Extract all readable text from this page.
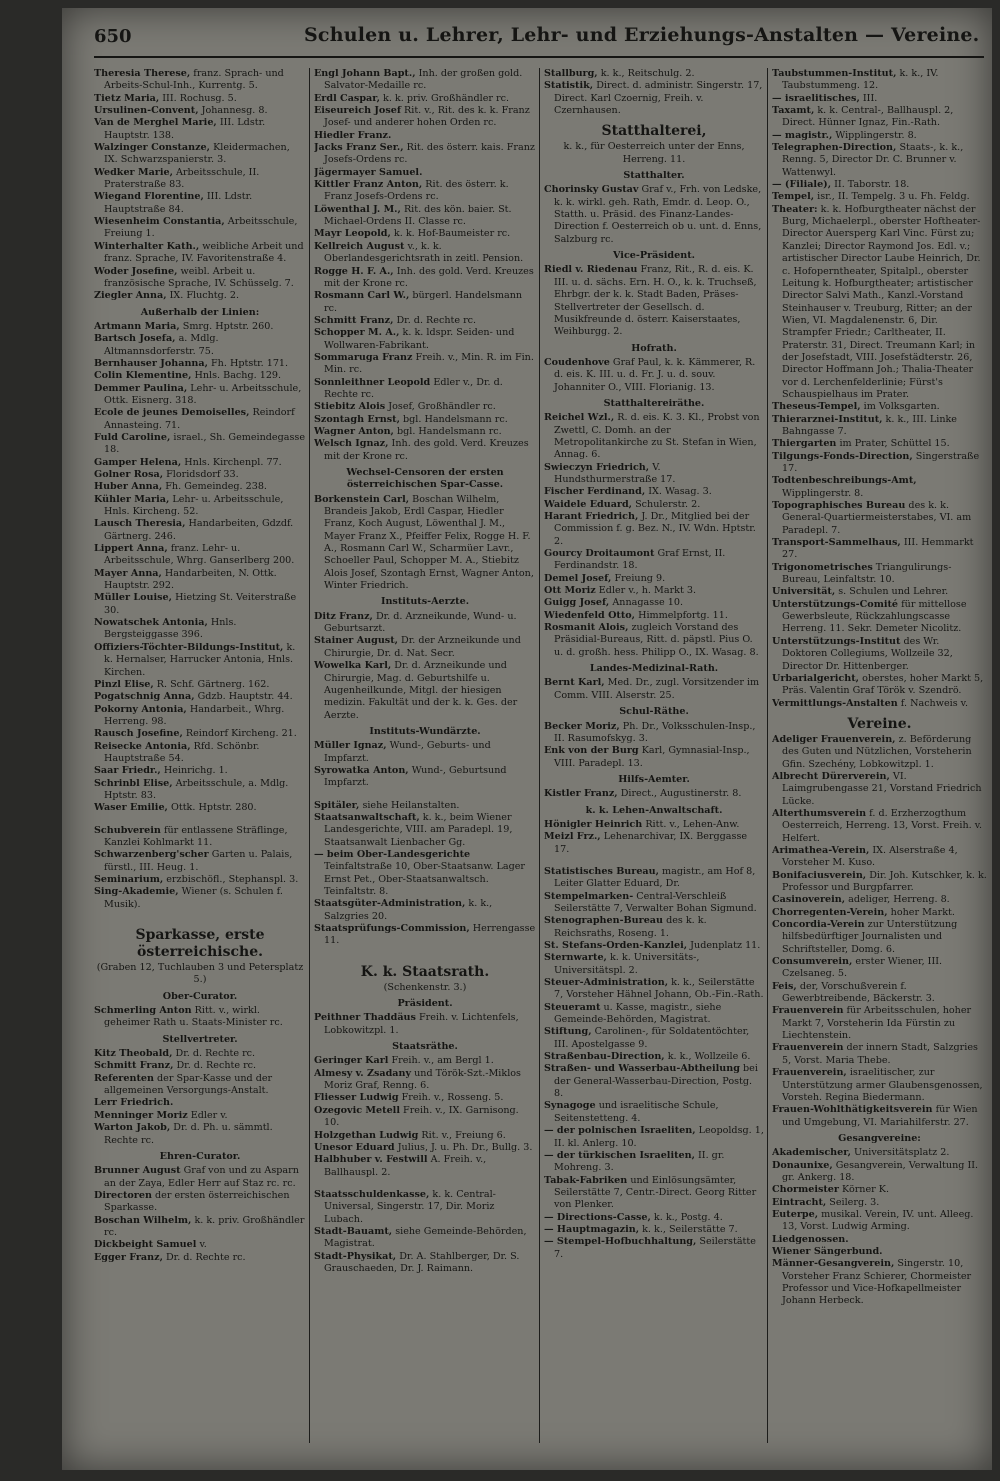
650	Schulen u. Lehrer, Lehr- und Erziehungs-Anstalten — Vereine.

Theresia Therese, franz. Sprach- und Arbeits-Schul-Inh., Kurrentg. 5.

Tietz Maria, III. Rochusg. 5.

Ursulinen-Convent, Johannesg. 8.

Van de Merghel Marie, III. Ldstr. Hauptstr. 138.

Walzinger Constanze, Kleidermachen, IX. Schwarzspanierstr. 3.

Wedker Marie, Arbeitsschule, II. Praterstraße 83.

Wiegand Florentine, III. Ldstr. Hauptstraße 84.

Wiesenheim Constantia, Arbeitsschule, Freiung 1.

Winterhalter Kath., weibliche Arbeit und franz. Sprache, IV. Favoritenstraße 4.

Woder Josefine, weibl. Arbeit u. französische Sprache, IV. Schüsselg. 7.

Ziegler Anna, IX. Fluchtg. 2.

Außerhalb der Linien:

Artmann Maria, Smrg. Hptstr. 260.

Bartsch Josefa, a. Mdlg. Altmannsdorferstr. 75.

Bernhauser Johanna, Fh. Hptstr. 171.

Colin Klementine, Hnls. Bachg. 129.

Demmer Paulina, Lehr- u. Arbeitsschule, Ottk. Eisnerg. 318.

Ecole de jeunes Demoiselles, Reindorf Annasteing. 71.

Fuld Caroline, israel., Sh. Gemeindegasse 18.

Gamper Helena, Hnls. Kirchenpl. 77.

Golner Rosa, Floridsdorf 33.

Huber Anna, Fh. Gemeindeg. 238.

Kühler Maria, Lehr- u. Arbeitsschule, Hnls. Kircheng. 52.

Lausch Theresia, Handarbeiten, Gdzdf. Gärtnerg. 246.

Lippert Anna, franz. Lehr- u. Arbeitsschule, Whrg. Ganserlberg 200.

Mayer Anna, Handarbeiten, N. Ottk. Hauptstr. 292.

Müller Louise, Hietzing St. Veiterstraße 30.

Nowatschek Antonia, Hnls. Bergsteiggasse 396.

Offiziers-Töchter-Bildungs-Institut, k. k. Hernalser, Harrucker Antonia, Hnls. Kirchen.

Pinzl Elise, R. Schf. Gärtnerg. 162.

Pogatschnig Anna, Gdzb. Hauptstr. 44.

Pokorny Antonia, Handarbeit., Whrg. Herreng. 98.

Rausch Josefine, Reindorf Kircheng. 21.

Reisecke Antonia, Rfd. Schönbr. Hauptstraße 54.

Saar Friedr., Heinrichg. 1.

Schrinbl Elise, Arbeitsschule, a. Mdlg. Hptstr. 83.

Waser Emilie, Ottk. Hptstr. 280.

Schubverein für entlassene Sträflinge, Kanzlei Kohlmarkt 11.

Schwarzenberg'scher Garten u. Palais, fürstl., III. Heug. 1.

Seminarium, erzbischöfl., Stephanspl. 3.

Sing-Akademie, Wiener (s. Schulen f. Musik).

Sparkasse, erste österreichische.
(Graben 12, Tuchlauben 3 und Petersplatz 5.)
Ober-Curator.

Schmerling Anton Ritt. v., wirkl. geheimer Rath u. Staats-Minister rc.

Stellvertreter.

Kitz Theobald, Dr. d. Rechte rc.

Schmitt Franz, Dr. d. Rechte rc.

Referenten der Spar-Kasse und der allgemeinen Versorgungs-Anstalt.

Lerr Friedrich.

Menninger Moriz Edler v.

Warton Jakob, Dr. d. Ph. u. sämmtl. Rechte rc.

Ehren-Curator.

Brunner August Graf von und zu Asparn an der Zaya, Edler Herr auf Staz rc. rc.

Directoren der ersten österreichischen Sparkasse.

Boschan Wilhelm, k. k. priv. Großhändler rc.

Dickbeight Samuel v.

Egger Franz, Dr. d. Rechte rc.

Engl Johann Bapt., Inh. der großen gold. Salvator-Medaille rc.

Erdl Caspar, k. k. priv. Großhändler rc.

Eiseureich Josef Rit. v., Rit. des k. k. Franz Josef- und anderer hohen Orden rc.

Hiedler Franz.

Jacks Franz Ser., Rit. des österr. kais. Franz Josefs-Ordens rc.

Jägermayer Samuel.

Kittler Franz Anton, Rit. des österr. k. Franz Josefs-Ordens rc.

Löwenthal J. M., Rit. des kön. baier. St. Michael-Ordens II. Classe rc.

Mayr Leopold, k. k. Hof-Baumeister rc.

Kellreich August v., k. k. Oberlandesgerichtsrath in zeitl. Pension.

Rogge H. F. A., Inh. des gold. Verd. Kreuzes mit der Krone rc.

Rosmann Carl W., bürgerl. Handelsmann rc.

Schmitt Franz, Dr. d. Rechte rc.

Schopper M. A., k. k. ldspr. Seiden- und Wollwaren-Fabrikant.

Sommaruga Franz Freih. v., Min. R. im Fin. Min. rc.

Sonnleithner Leopold Edler v., Dr. d. Rechte rc.

Stiebitz Alois Josef, Großhändler rc.

Szontagh Ernst, bgl. Handelsmann rc.

Wagner Anton, bgl. Handelsmann rc.

Welsch Ignaz, Inh. des gold. Verd. Kreuzes mit der Krone rc.

Wechsel-Censoren der ersten österreichischen Spar-Casse.

Borkenstein Carl, Boschan Wilhelm, Brandeis Jakob, Erdl Caspar, Hiedler Franz, Koch August, Löwenthal J. M., Mayer Franz X., Pfeiffer Felix, Rogge H. F. A., Rosmann Carl W., Scharmüer Lavr., Schoeller Paul, Schopper M. A., Stiebitz Alois Josef, Szontagh Ernst, Wagner Anton, Winter Friedrich.

Instituts-Aerzte.

Ditz Franz, Dr. d. Arzneikunde, Wund- u. Geburtsarzt.

Stainer August, Dr. der Arzneikunde und Chirurgie, Dr. d. Nat. Secr.

Wowelka Karl, Dr. d. Arzneikunde und Chirurgie, Mag. d. Geburtshilfe u. Augenheilkunde, Mitgl. der hiesigen medizin. Fakultät und der k. k. Ges. der Aerzte.

Instituts-Wundärzte.

Müller Ignaz, Wund-, Geburts- und Impfarzt.

Syrowatka Anton, Wund-, Geburtsund Impfarzt.

Spitäler, siehe Heilanstalten.

Staatsanwaltschaft, k. k., beim Wiener Landesgerichte, VIII. am Paradepl. 19, Staatsanwalt Lienbacher Gg.

— beim Ober-Landesgerichte Teinfaltstraße 10, Ober-Staatsanw. Lager Ernst Pet., Ober-Staatsanwaltsch. Teinfaltstr. 8.

Staatsgüter-Administration, k. k., Salzgries 20.

Staatsprüfungs-Commission, Herrengasse 11.

K. k. Staatsrath.
(Schenkenstr. 3.)
Präsident.

Peithner Thaddäus Freih. v. Lichtenfels, Lobkowitzpl. 1.

Staatsräthe.

Geringer Karl Freih. v., am Bergl 1.

Almesy v. Zsadany und Török-Szt.-Miklos Moriz Graf, Renng. 6.

Fliesser Ludwig Freih. v., Rosseng. 5.

Ozegovic Metell Freih. v., IX. Garnisong. 10.

Holzgethan Ludwig Rit. v., Freiung 6.

Unesor Eduard Julius, J. u. Ph. Dr., Bullg. 3.

Halbhuber v. Festwill A. Freih. v., Ballhauspl. 2.

Staatsschuldenkasse, k. k. Central-Universal, Singerstr. 17, Dir. Moriz Lubach.

Stadt-Bauamt, siehe Gemeinde-Behörden, Magistrat.

Stadt-Physikat, Dr. A. Stahlberger, Dr. S. Grauschaeden, Dr. J. Raimann.

Stallburg, k. k., Reitschulg. 2.

Statistik, Direct. d. administr. Singerstr. 17, Direct. Karl Czoernig, Freih. v. Czernhausen.

Statthalterei,
k. k., für Oesterreich unter der Enns, Herreng. 11.
Statthalter.

Chorinsky Gustav Graf v., Frh. von Ledske, k. k. wirkl. geh. Rath, Emdr. d. Leop. O., Statth. u. Präsid. des Finanz-Landes-Direction f. Oesterreich ob u. unt. d. Enns, Salzburg rc.

Vice-Präsident.

Riedl v. Riedenau Franz, Rit., R. d. eis. K. III. u. d. sächs. Ern. H. O., k. k. Truchseß, Ehrbgr. der k. k. Stadt Baden, Präses-Stellvertreter der Gesellsch. d. Musikfreunde d. österr. Kaiserstaates, Weihburgg. 2.

Hofrath.

Coudenhove Graf Paul, k. k. Kämmerer, R. d. eis. K. III. u. d. Fr. J. u. d. souv. Johanniter O., VIII. Florianig. 13.

Statthaltereiräthe.

Reichel Wzl., R. d. eis. K. 3. Kl., Probst von Zwettl, C. Domh. an der Metropolitankirche zu St. Stefan in Wien, Annag. 6.

Swieczyn Friedrich, V. Hundsthurmerstraße 17.

Fischer Ferdinand, IX. Wasag. 3.

Waidele Eduard, Schulerstr. 2.

Harant Friedrich, J. Dr., Mitglied bei der Commission f. g. Bez. N., IV. Wdn. Hptstr. 2.

Gourcy Droitaumont Graf Ernst, II. Ferdinandstr. 18.

Demel Josef, Freiung 9.

Ott Moriz Edler v., h. Markt 3.

Guigg Josef, Annagasse 10.

Wiedenfeld Otto, Himmelpfortg. 11.

Rosmanit Alois, zugleich Vorstand des Präsidial-Bureaus, Ritt. d. päpstl. Pius O. u. d. großh. hess. Philipp O., IX. Wasag. 8.

Landes-Medizinal-Rath.

Bernt Karl, Med. Dr., zugl. Vorsitzender im Comm. VIII. Alserstr. 25.

Schul-Räthe.

Becker Moriz, Ph. Dr., Volksschulen-Insp., II. Rasumofskyg. 3.

Enk von der Burg Karl, Gymnasial-Insp., VIII. Paradepl. 13.

Hilfs-Aemter.

Kistler Franz, Direct., Augustinerstr. 8.

k. k. Lehen-Anwaltschaft.

Hönigler Heinrich Ritt. v., Lehen-Anw.

Meizl Frz., Lehenarchivar, IX. Berggasse 17.

Statistisches Bureau, magistr., am Hof 8, Leiter Glatter Eduard, Dr.

Stempelmarken- Central-Verschleiß Seilerstätte 7, Verwalter Bohan Sigmund.

Stenographen-Bureau des k. k. Reichsraths, Roseng. 1.

St. Stefans-Orden-Kanzlei, Judenplatz 11.

Sternwarte, k. k. Universitäts-, Universitätspl. 2.

Steuer-Administration, k. k., Seilerstätte 7, Vorsteher Hähnel Johann, Ob.-Fin.-Rath.

Steueramt u. Kasse, magistr., siehe Gemeinde-Behörden, Magistrat.

Stiftung, Carolinen-, für Soldatentöchter, III. Apostelgasse 9.

Straßenbau-Direction, k. k., Wollzeile 6.

Straßen- und Wasserbau-Abtheilung bei der General-Wasserbau-Direction, Postg. 8.

Synagoge und israelitische Schule, Seitenstetteng. 4.

— der polnischen Israeliten, Leopoldsg. 1, II. kl. Anlerg. 10.

— der türkischen Israeliten, II. gr. Mohreng. 3.

Tabak-Fabriken und Einlösungsämter, Seilerstätte 7, Centr.-Direct. Georg Ritter von Plenker.

— Directions-Casse, k. k., Postg. 4.

— Hauptmagazin, k. k., Seilerstätte 7.

— Stempel-Hofbuchhaltung, Seilerstätte 7.

Taubstummen-Institut, k. k., IV. Taubstummeng. 12.

— israelitisches, III.

Taxamt, k. k. Central-, Ballhauspl. 2, Direct. Hünner Ignaz, Fin.-Rath.

— magistr., Wipplingerstr. 8.

Telegraphen-Direction, Staats-, k. k., Renng. 5, Director Dr. C. Brunner v. Wattenwyl.

— (Filiale), II. Taborstr. 18.

Tempel, isr., II. Tempelg. 3 u. Fh. Feldg.

Theater: k. k. Hofburgtheater nächst der Burg, Michaelerpl., oberster Hoftheater-Director Auersperg Karl Vinc. Fürst zu; Kanzlei; Director Raymond Jos. Edl. v.; artistischer Director Laube Heinrich, Dr. c. Hofoperntheater, Spitalpl., oberster Leitung k. Hofburgtheater; artistischer Director Salvi Math., Kanzl.-Vorstand Steinhauser v. Treuburg, Ritter; an der Wien, VI. Magdalenenstr. 6, Dir. Strampfer Friedr.; Carltheater, II. Praterstr. 31, Direct. Treumann Karl; in der Josefstadt, VIII. Josefstädterstr. 26, Director Hoffmann Joh.; Thalia-Theater vor d. Lerchenfelderlinie; Fürst's Schauspielhaus im Prater.

Theseus-Tempel, im Volksgarten.

Thierarznei-Institut, k. k., III. Linke Bahngasse 7.

Thiergarten im Prater, Schüttel 15.

Tilgungs-Fonds-Direction, Singerstraße 17.

Todtenbeschreibungs-Amt, Wipplingerstr. 8.

Topographisches Bureau des k. k. General-Quartiermeisterstabes, VI. am Paradepl. 7.

Transport-Sammelhaus, III. Hemmarkt 27.

Trigonometrisches Triangulirungs-Bureau, Leinfaltstr. 10.

Universität, s. Schulen und Lehrer.

Unterstützungs-Comité für mittellose Gewerbsleute, Rückzahlungscasse Herreng. 11. Sekr. Demeter Nicolitz.

Unterstützungs-Institut des Wr. Doktoren Collegiums, Wollzeile 32, Director Dr. Hittenberger.

Urbarialgericht, oberstes, hoher Markt 5, Präs. Valentin Graf Török v. Szendrö.

Vermittlungs-Anstalten f. Nachweis v.

Vereine.

Adeliger Frauenverein, z. Beförderung des Guten und Nützlichen, Vorsteherin Gfin. Szechény, Lobkowitzpl. 1.

Albrecht Dürerverein, VI. Laimgrubengasse 21, Vorstand Friedrich Lücke.

Alterthumsverein f. d. Erzherzogthum Oesterreich, Herreng. 13, Vorst. Freih. v. Helfert.

Arimathea-Verein, IX. Alserstraße 4, Vorsteher M. Kuso.

Bonifaciusverein, Dir. Joh. Kutschker, k. k. Professor und Burgpfarrer.

Casinoverein, adeliger, Herreng. 8.

Chorregenten-Verein, hoher Markt.

Concordia-Verein zur Unterstützung hilfsbedürftiger Journalisten und Schriftsteller, Domg. 6.

Consumverein, erster Wiener, III. Czelsaneg. 5.

Feis, der, Vorschußverein f. Gewerbtreibende, Bäckerstr. 3.

Frauenverein für Arbeitsschulen, hoher Markt 7, Vorsteherin Ida Fürstin zu Liechtenstein.

Frauenverein der innern Stadt, Salzgries 5, Vorst. Maria Thebe.

Frauenverein, israelitischer, zur Unterstützung armer Glaubensgenossen, Vorsteh. Regina Biedermann.

Frauen-Wohlthätigkeitsverein für Wien und Umgebung, VI. Mariahilferstr. 27.

Gesangvereine:

Akademischer, Universitätsplatz 2.

Donaunixe, Gesangverein, Verwaltung II. gr. Ankerg. 18.

Chormeister Körner K.

Eintracht, Seilerg. 3.

Euterpe, musikal. Verein, IV. unt. Alleeg. 13, Vorst. Ludwig Arming.

Liedgenossen.

Wiener Sängerbund.

Männer-Gesangverein, Singerstr. 10, Vorsteher Franz Schierer, Chormeister Professor und Vice-Hofkapellmeister Johann Herbeck.
